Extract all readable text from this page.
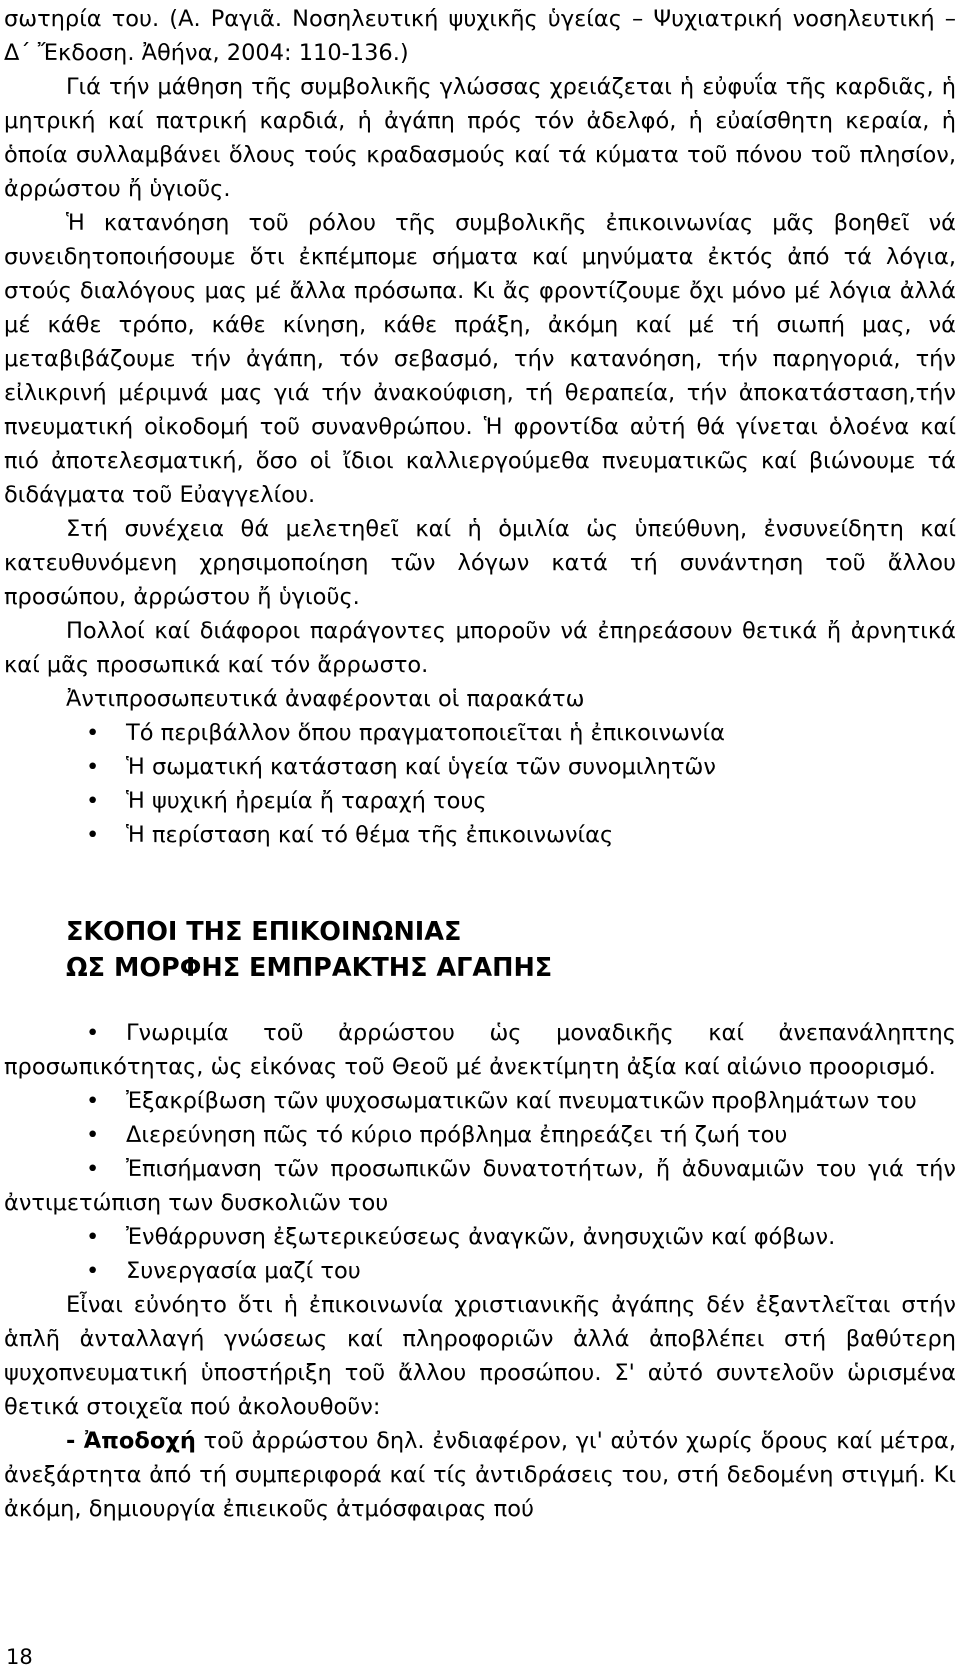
σωτηρία του. (Α. Ραγιᾶ. Νοσηλευτική ψυχικῆς ὑγείας – Ψυχιατρική νοσηλευτική – Δ΄ Ἔκδοση. Ἀθήνα, 2004: 110-136.)

Γιά τήν μάθηση τῆς συμβολικῆς γλώσσας χρειάζεται ἡ εὐφυΐα τῆς καρδιᾶς, ἡ μητρική καί πατρική καρδιά, ἡ ἀγάπη πρός τόν ἀδελφό, ἡ εὐαίσθητη κεραία, ἡ ὁποία συλλαμβάνει ὅλους τούς κραδασμούς καί τά κύματα τοῦ πόνου τοῦ πλησίον, ἀρρώστου ἤ ὑγιοῦς.

Ἡ κατανόηση τοῦ ρόλου τῆς συμβολικῆς ἐπικοινωνίας μᾶς βοηθεῖ νά συνειδητοποιήσουμε ὅτι ἐκπέμπομε σήματα καί μηνύματα ἐκτός ἀπό τά λόγια, στούς διαλόγους μας μέ ἄλλα πρόσωπα. Κι ἄς φροντίζουμε ὄχι μόνο μέ λόγια ἀλλά μέ κάθε τρόπο, κάθε κίνηση, κάθε πράξη, ἀκόμη καί μέ τή σιωπή μας, νά μεταβιβάζουμε τήν ἀγάπη, τόν σεβασμό, τήν κατανόηση, τήν παρηγοριά, τήν εἰλικρινή μέριμνά μας γιά τήν ἀνακούφιση, τή θεραπεία, τήν ἀποκατάσταση,τήν πνευματική οἰκοδομή τοῦ συνανθρώπου. Ἡ φροντίδα αὐτή θά γίνεται ὁλοένα καί πιό ἀποτελεσματική, ὅσο οἱ ἴδιοι καλλιεργούμεθα πνευματικῶς καί βιώνουμε τά διδάγματα τοῦ Εὐαγγελίου.

Στή συνέχεια θά μελετηθεῖ καί ἡ ὁμιλία ὡς ὑπεύθυνη, ἐνσυνείδητη καί κατευθυνόμενη χρησιμοποίηση τῶν λόγων κατά τή συνάντηση τοῦ ἄλλου προσώπου, ἀρρώστου ἤ ὑγιοῦς.

Πολλοί καί διάφοροι παράγοντες μποροῦν νά ἐπηρεάσουν θετικά ἤ ἀρνητικά καί μᾶς προσωπικά καί τόν ἄρρωστο.

Ἀντιπροσωπευτικά ἀναφέρονται οἱ παρακάτω

• Τό περιβάλλον ὅπου πραγματοποιεῖται ἡ ἐπικοινωνία
• Ἡ σωματική κατάσταση καί ὑγεία τῶν συνομιλητῶν
• Ἡ ψυχική ἠρεμία ἤ ταραχή τους
• Ἡ περίσταση καί τό θέμα τῆς ἐπικοινωνίας
ΣΚΟΠΟΙ ΤΗΣ ΕΠΙΚΟΙΝΩΝΙΑΣ
ΩΣ ΜΟΡΦΗΣ ΕΜΠΡΑΚΤΗΣ ΑΓΑΠΗΣ

• Γνωριμία τοῦ ἀρρώστου ὡς μοναδικῆς καί ἀνεπανάληπτης προσωπικότητας, ὡς εἰκόνας τοῦ Θεοῦ μέ ἀνεκτίμητη ἀξία καί αἰώνιο προορισμό.

• Ἐξακρίβωση τῶν ψυχοσωματικῶν καί πνευματικῶν προβλημάτων του

• Διερεύνηση πῶς τό κύριο πρόβλημα ἐπηρεάζει τή ζωή του

• Ἐπισήμανση τῶν προσωπικῶν δυνατοτήτων, ἤ ἀδυναμιῶν του γιά τήν ἀντιμετώπιση των δυσκολιῶν του

• Ἐνθάρρυνση ἐξωτερικεύσεως ἀναγκῶν, ἀνησυχιῶν καί φόβων.

• Συνεργασία μαζί του

Εἶναι εὐνόητο ὅτι ἡ ἐπικοινωνία χριστιανικῆς ἀγάπης δέν ἐξαντλεῖται στήν ἁπλῆ ἀνταλλαγή γνώσεως καί πληροφοριῶν ἀλλά ἀποβλέπει στή βαθύτερη ψυχοπνευματική ὑποστήριξη τοῦ ἄλλου προσώπου. Σ' αὐτό συντελοῦν ὡρισμένα θετικά στοιχεῖα πού ἀκολουθοῦν:

- Ἀποδοχή τοῦ ἀρρώστου δηλ. ἐνδιαφέρον, γι' αὐτόν χωρίς ὅρους καί μέτρα, ἀνεξάρτητα ἀπό τή συμπεριφορά καί τίς ἀντιδράσεις του, στή δεδομένη στιγμή. Κι ἀκόμη, δημιουργία ἐπιεικοῦς ἀτμόσφαιρας πού

18
